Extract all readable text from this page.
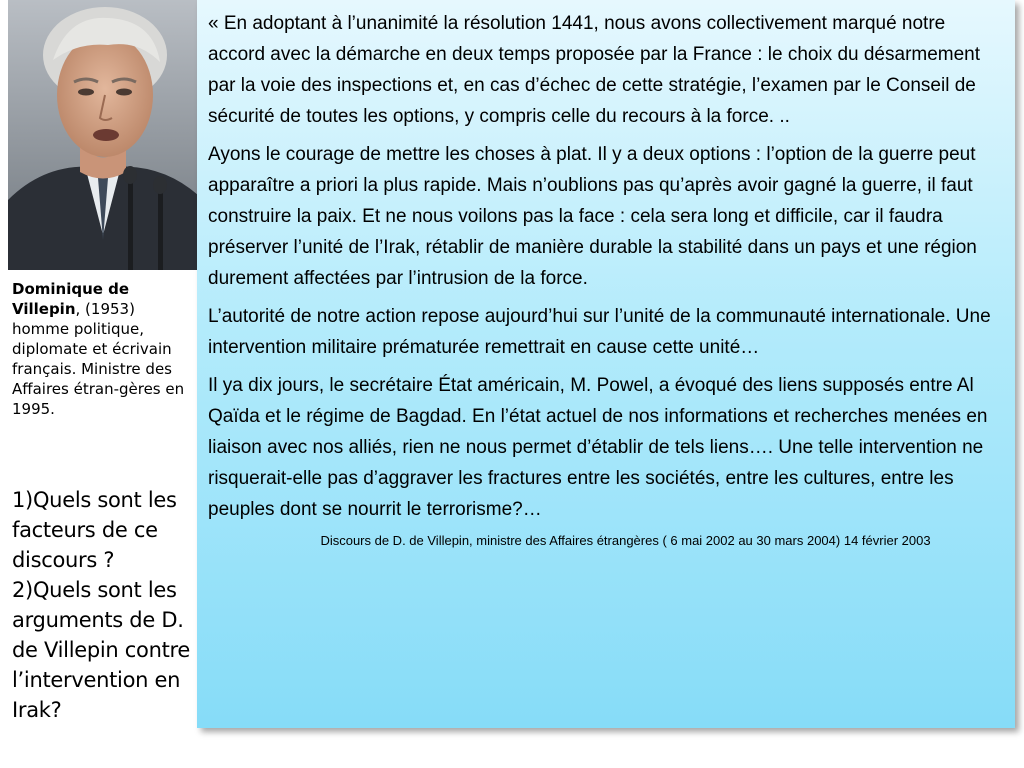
Dominique de Villepin, (1953) homme politique, diplomate et écrivain français. Ministre des Affaires étran-gères en 1995.
1)Quels sont les facteurs de ce discours ?
2)Quels sont les arguments de D. de Villepin contre l’intervention en Irak?

« En adoptant à l’unanimité la résolution 1441, nous avons collectivement marqué notre accord avec la démarche en deux temps proposée par la France : le choix du désarmement par la voie des inspections et, en cas d’échec de cette stratégie, l’examen par le Conseil de sécurité de toutes les options, y compris celle du recours à la force. ..

Ayons le courage de mettre les choses à plat. Il y a deux options : l’option de la guerre peut apparaître a priori la plus rapide. Mais n’oublions pas qu’après avoir gagné la guerre, il faut construire la paix. Et ne nous voilons pas la face : cela sera long et difficile, car il faudra préserver l’unité de l’Irak, rétablir de manière durable la stabilité dans un pays et une région durement affectées par l’intrusion de la force.

L’autorité de notre action repose aujourd’hui sur l’unité de la communauté internationale. Une intervention militaire prématurée remettrait en cause cette unité…

Il ya dix jours, le secrétaire État américain, M. Powel, a évoqué des liens supposés entre Al Qaïda et le régime de Bagdad. En l’état actuel de nos informations et recherches menées en liaison avec nos alliés, rien ne nous permet d’établir de tels liens…. Une telle intervention ne risquerait-elle pas d’aggraver les fractures entre les sociétés, entre les cultures, entre les peuples dont se nourrit le terrorisme?…

Discours de D. de Villepin, ministre des Affaires étrangères ( 6 mai 2002 au 30 mars 2004) 14 février 2003
